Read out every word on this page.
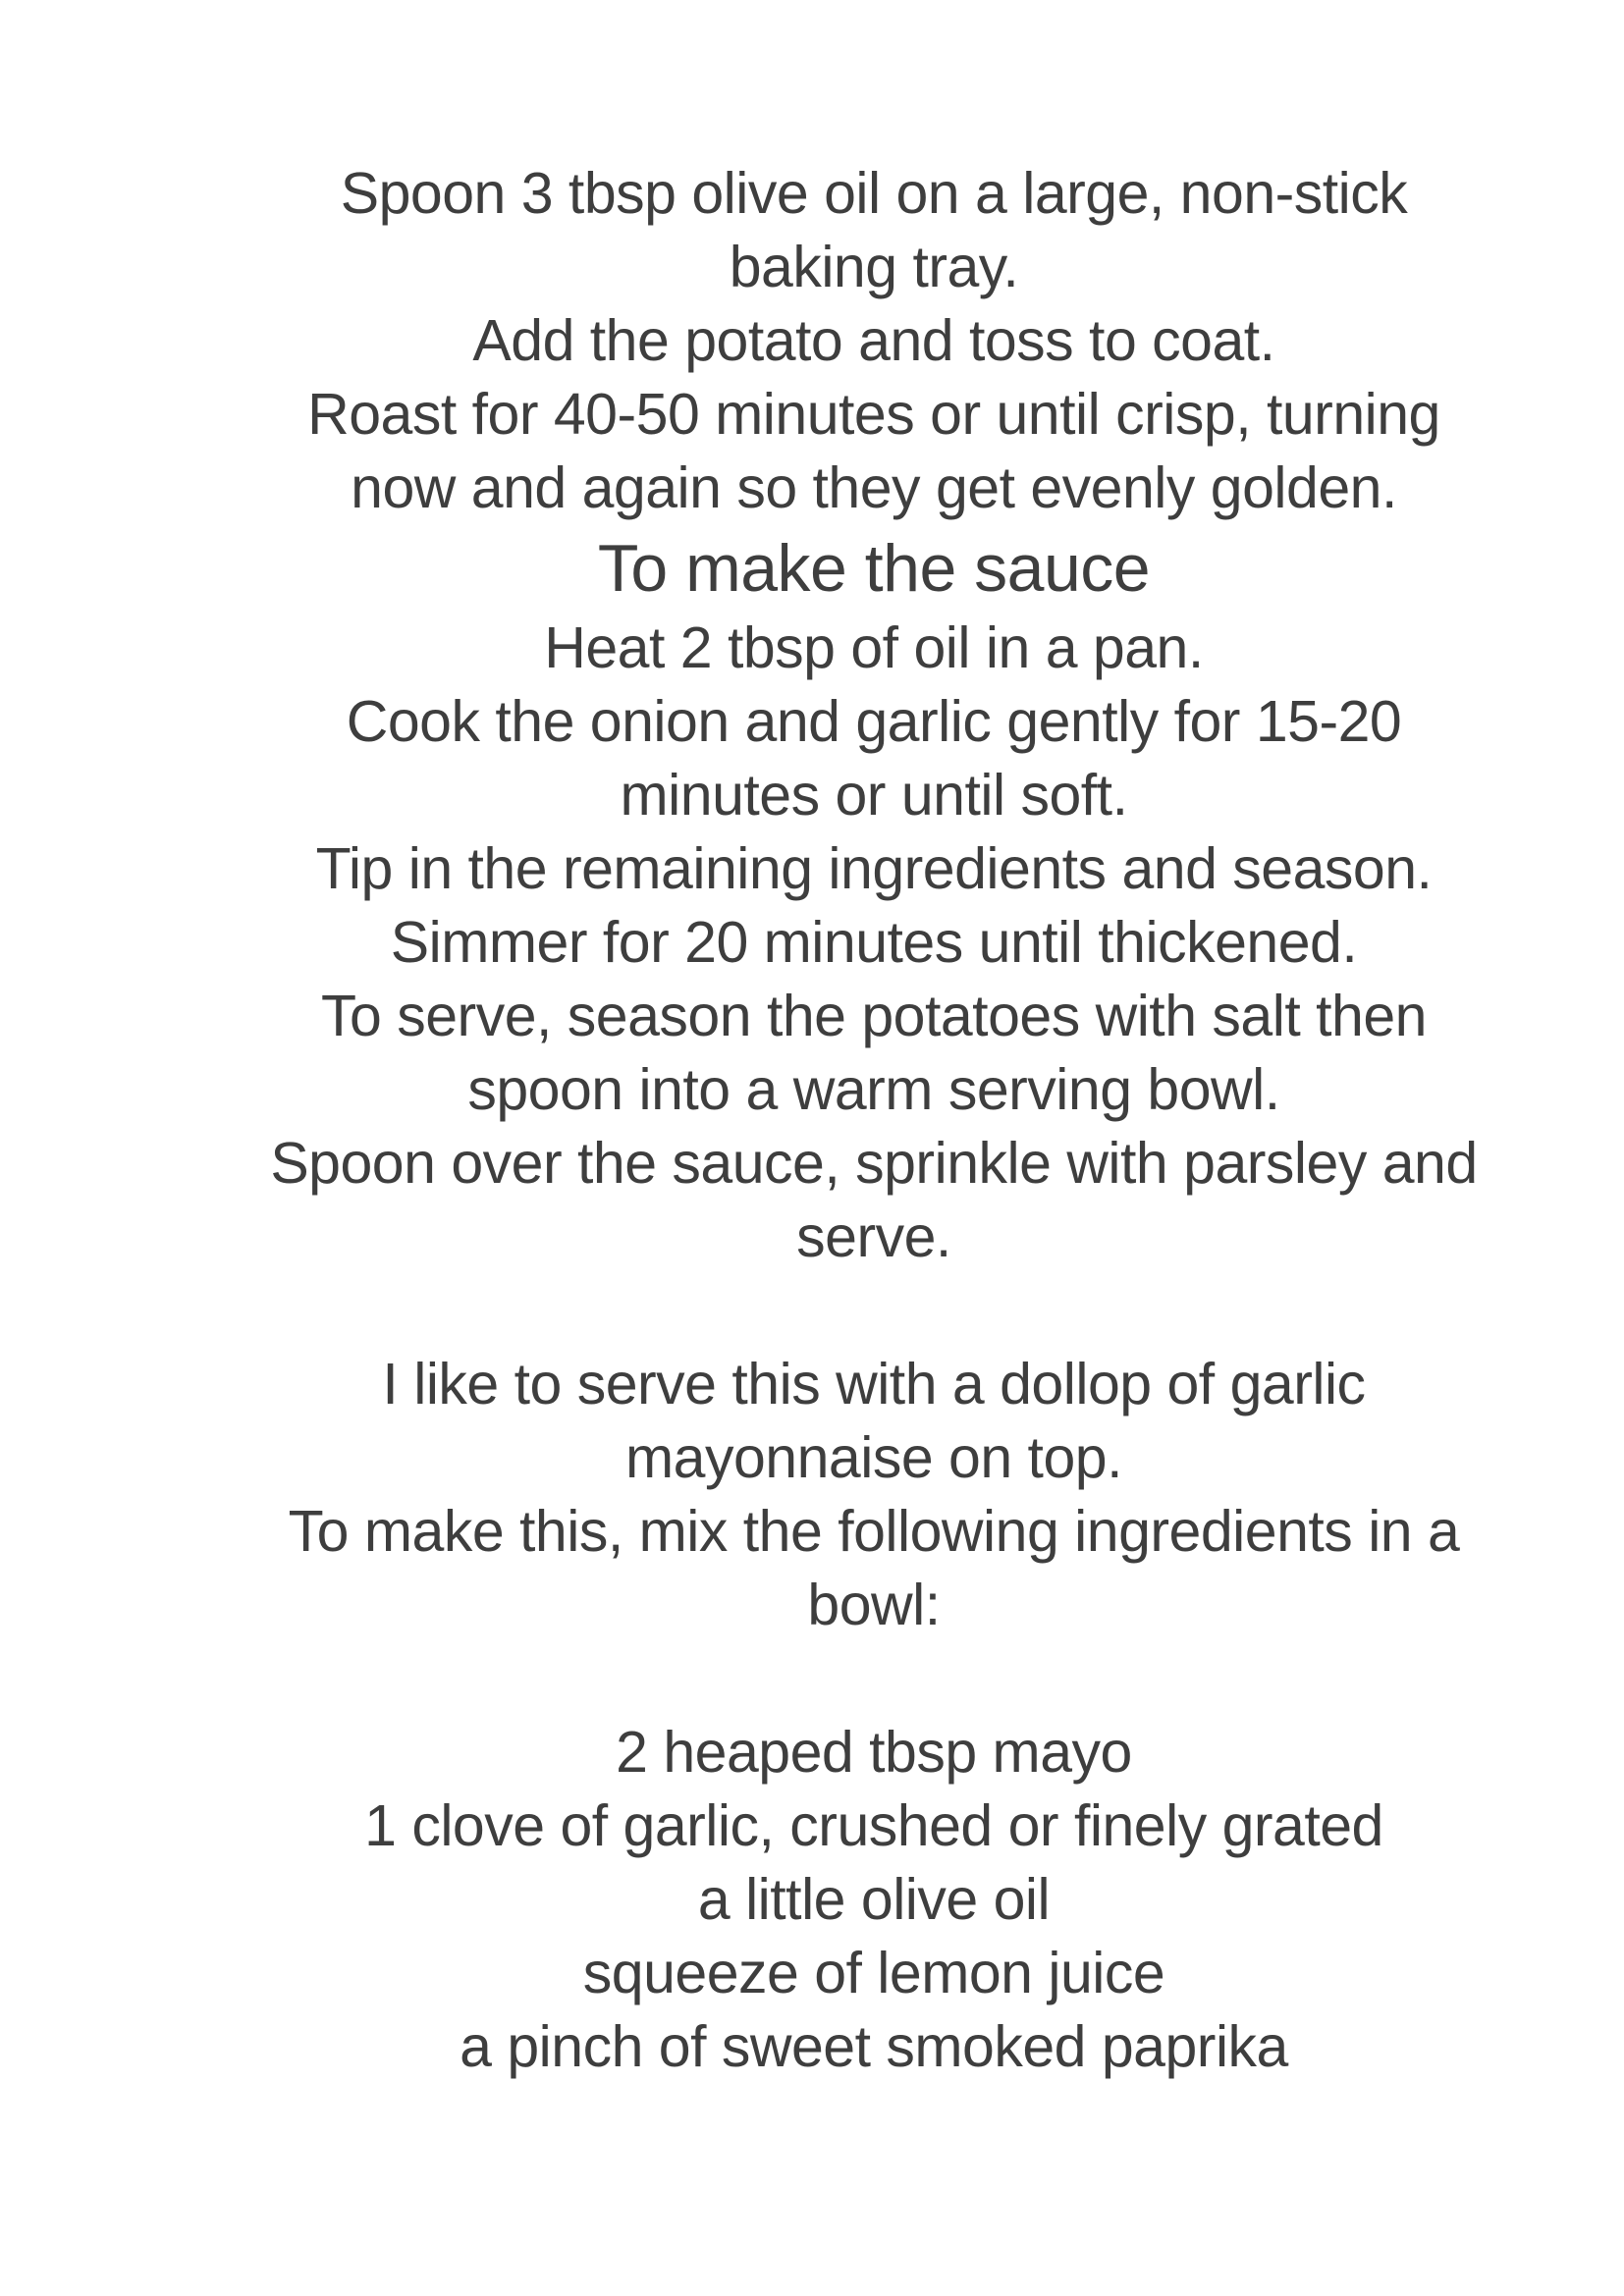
Spoon 3 tbsp olive oil on a large, non-stick
baking tray.
Add the potato and toss to coat.
Roast for 40-50 minutes or until crisp, turning
now and again so they get evenly golden.
To make the sauce
Heat 2 tbsp of oil in a pan.
Cook the onion and garlic gently for 15-20
minutes or until soft.
Tip in the remaining ingredients and season.
Simmer for 20 minutes until thickened.
To serve, season the potatoes with salt then
spoon into a warm serving bowl.
Spoon over the sauce, sprinkle with parsley and
serve.
I like to serve this with a dollop of garlic
mayonnaise on top.
To make this, mix the following ingredients in a
bowl:
2 heaped tbsp mayo
1 clove of garlic, crushed or finely grated
a little olive oil
squeeze of lemon juice
a pinch of sweet smoked paprika
